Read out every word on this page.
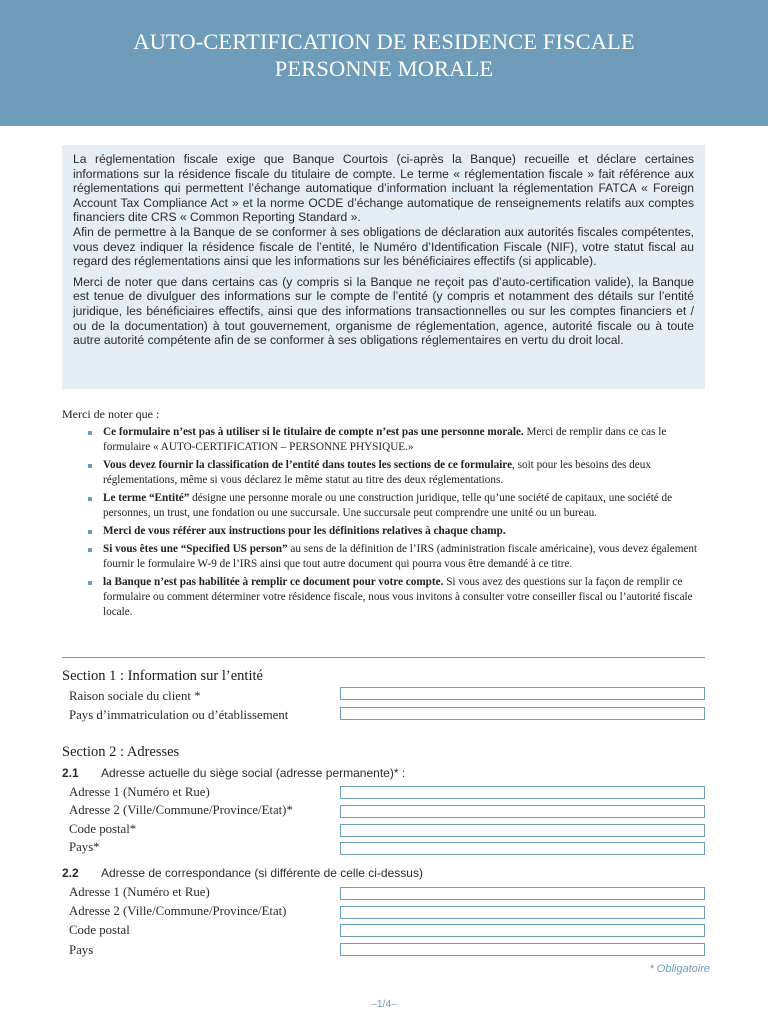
AUTO-CERTIFICATION DE RESIDENCE FISCALE
PERSONNE MORALE

La réglementation fiscale exige que Banque Courtois (ci-après la Banque) recueille et déclare certaines informations sur la résidence fiscale du titulaire de compte. Le terme « réglementation fiscale » fait référence aux réglementations qui permettent l’échange automatique d’information incluant la réglementation FATCA « Foreign Account Tax Compliance Act » et la norme OCDE d’échange automatique de renseignements relatifs aux comptes financiers dite CRS « Common Reporting Standard ».

Afin de permettre à la Banque de se conformer à ses obligations de déclaration aux autorités fiscales compétentes, vous devez indiquer la résidence fiscale de l’entité, le Numéro d’Identification Fiscale (NIF), votre statut fiscal au regard des réglementations ainsi que les informations sur les bénéficiaires effectifs (si applicable).

Merci de noter que dans certains cas (y compris si la Banque ne reçoit pas d’auto-certification valide), la Banque est tenue de divulguer des informations sur le compte de l’entité (y compris et notamment des détails sur l’entité juridique, les bénéficiaires effectifs, ainsi que des informations transactionnelles ou sur les comptes financiers et / ou de la documentation) à tout gouvernement, organisme de réglementation, agence, autorité fiscale ou à toute autre autorité compétente afin de se conformer à ses obligations réglementaires en vertu du droit local.

Merci de noter que :
Ce formulaire n’est pas à utiliser si le titulaire de compte n’est pas une personne morale. Merci de remplir dans ce cas le formulaire « AUTO-CERTIFICATION – PERSONNE PHYSIQUE.»
Vous devez fournir la classification de l’entité dans toutes les sections de ce formulaire, soit pour les besoins des deux réglementations, même si vous déclarez le même statut au titre des deux réglementations.
Le terme “Entité” désigne une personne morale ou une construction juridique, telle qu’une société de capitaux, une société de personnes, un trust, une fondation ou une succursale. Une succursale peut comprendre une unité ou un bureau.
Merci de vous référer aux instructions pour les définitions relatives à chaque champ.
Si vous êtes une “Specified US person” au sens de la définition de l’IRS (administration fiscale américaine), vous devez également fournir le formulaire W-9 de l’IRS ainsi que tout autre document qui pourra vous être demandé à ce titre.
la Banque n’est pas habilitée à remplir ce document pour votre compte. Si vous avez des questions sur la façon de remplir ce formulaire ou comment déterminer votre résidence fiscale, nous vous invitons à consulter votre conseiller fiscal ou l’autorité fiscale locale.
Section 1 : Information sur l’entité
Raison sociale du client *
Pays d’immatriculation ou d’établissement
Section 2 : Adresses
2.1 Adresse actuelle du siège social (adresse permanente)* :
Adresse 1 (Numéro et Rue)
Adresse 2 (Ville/Commune/Province/Etat)*
Code postal*
Pays*
2.2 Adresse de correspondance (si différente de celle ci-dessus)
Adresse 1 (Numéro et Rue)
Adresse 2 (Ville/Commune/Province/Etat)
Code postal
Pays
* Obligatoire
–1/4–
